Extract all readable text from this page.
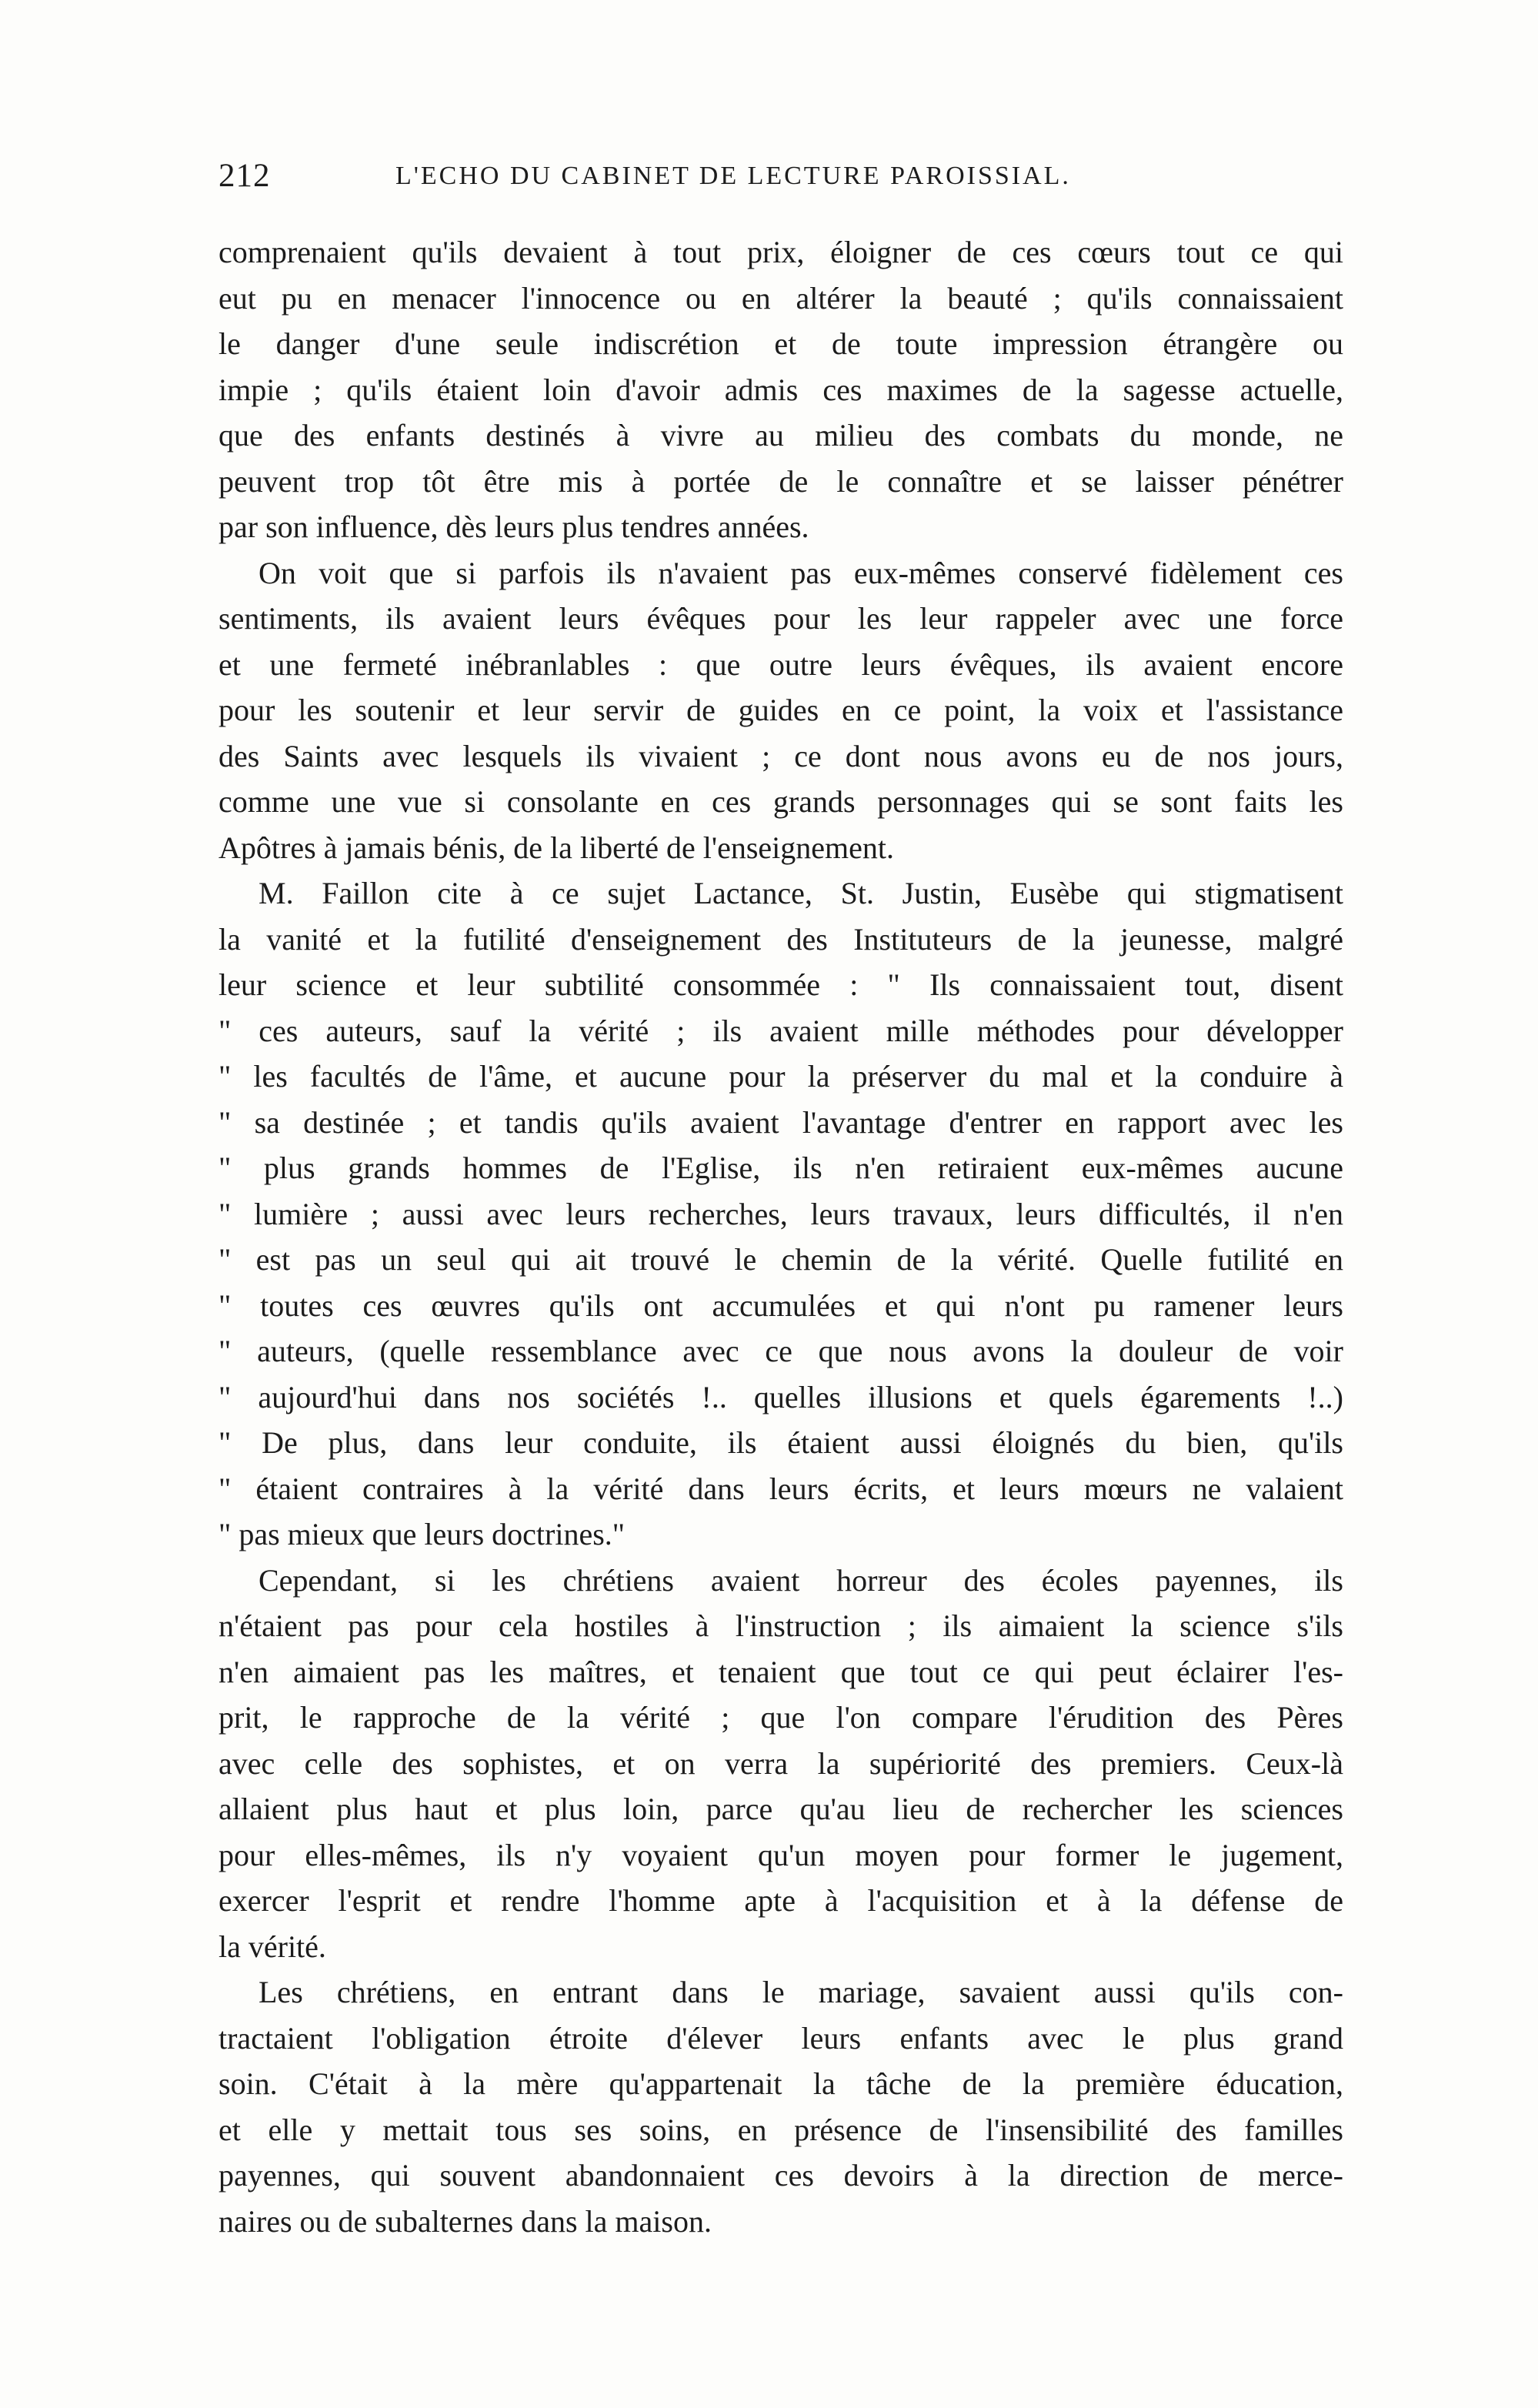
212	L'ECHO DU CABINET DE LECTURE PAROISSIAL.
comprenaient qu'ils devaient à tout prix, éloigner de ces cœurs tout ce qui
eut pu en menacer l'innocence ou en altérer la beauté ; qu'ils connaissaient
le danger d'une seule indiscrétion et de toute impression étrangère ou
impie ; qu'ils étaient loin d'avoir admis ces maximes de la sagesse actuelle,
que des enfants destinés à vivre au milieu des combats du monde, ne
peuvent trop tôt être mis à portée de le connaître et se laisser pénétrer
par son influence, dès leurs plus tendres années.
On voit que si parfois ils n'avaient pas eux-mêmes conservé fidèlement ces
sentiments, ils avaient leurs évêques pour les leur rappeler avec une force
et une fermeté inébranlables : que outre leurs évêques, ils avaient encore
pour les soutenir et leur servir de guides en ce point, la voix et l'assistance
des Saints avec lesquels ils vivaient ; ce dont nous avons eu de nos jours,
comme une vue si consolante en ces grands personnages qui se sont faits les
Apôtres à jamais bénis, de la liberté de l'enseignement.
M. Faillon cite à ce sujet Lactance, St. Justin, Eusèbe qui stigmatisent
la vanité et la futilité d'enseignement des Instituteurs de la jeunesse, malgré
leur science et leur subtilité consommée : " Ils connaissaient tout, disent
" ces auteurs, sauf la vérité ; ils avaient mille méthodes pour développer
" les facultés de l'âme, et aucune pour la préserver du mal et la conduire à
" sa destinée ; et tandis qu'ils avaient l'avantage d'entrer en rapport avec les
" plus grands hommes de l'Eglise, ils n'en retiraient eux-mêmes aucune
" lumière ; aussi avec leurs recherches, leurs travaux, leurs difficultés, il n'en
" est pas un seul qui ait trouvé le chemin de la vérité. Quelle futilité en
" toutes ces œuvres qu'ils ont accumulées et qui n'ont pu ramener leurs
" auteurs, (quelle ressemblance avec ce que nous avons la douleur de voir
" aujourd'hui dans nos sociétés !.. quelles illusions et quels égarements !..)
" De plus, dans leur conduite, ils étaient aussi éloignés du bien, qu'ils
" étaient contraires à la vérité dans leurs écrits, et leurs mœurs ne valaient
" pas mieux que leurs doctrines."
Cependant, si les chrétiens avaient horreur des écoles payennes, ils
n'étaient pas pour cela hostiles à l'instruction ; ils aimaient la science s'ils
n'en aimaient pas les maîtres, et tenaient que tout ce qui peut éclairer l'es-
prit, le rapproche de la vérité ; que l'on compare l'érudition des Pères
avec celle des sophistes, et on verra la supériorité des premiers. Ceux-là
allaient plus haut et plus loin, parce qu'au lieu de rechercher les sciences
pour elles-mêmes, ils n'y voyaient qu'un moyen pour former le jugement,
exercer l'esprit et rendre l'homme apte à l'acquisition et à la défense de
la vérité.
Les chrétiens, en entrant dans le mariage, savaient aussi qu'ils con-
tractaient l'obligation étroite d'élever leurs enfants avec le plus grand
soin. C'était à la mère qu'appartenait la tâche de la première éducation,
et elle y mettait tous ses soins, en présence de l'insensibilité des familles
payennes, qui souvent abandonnaient ces devoirs à la direction de merce-
naires ou de subalternes dans la maison.
